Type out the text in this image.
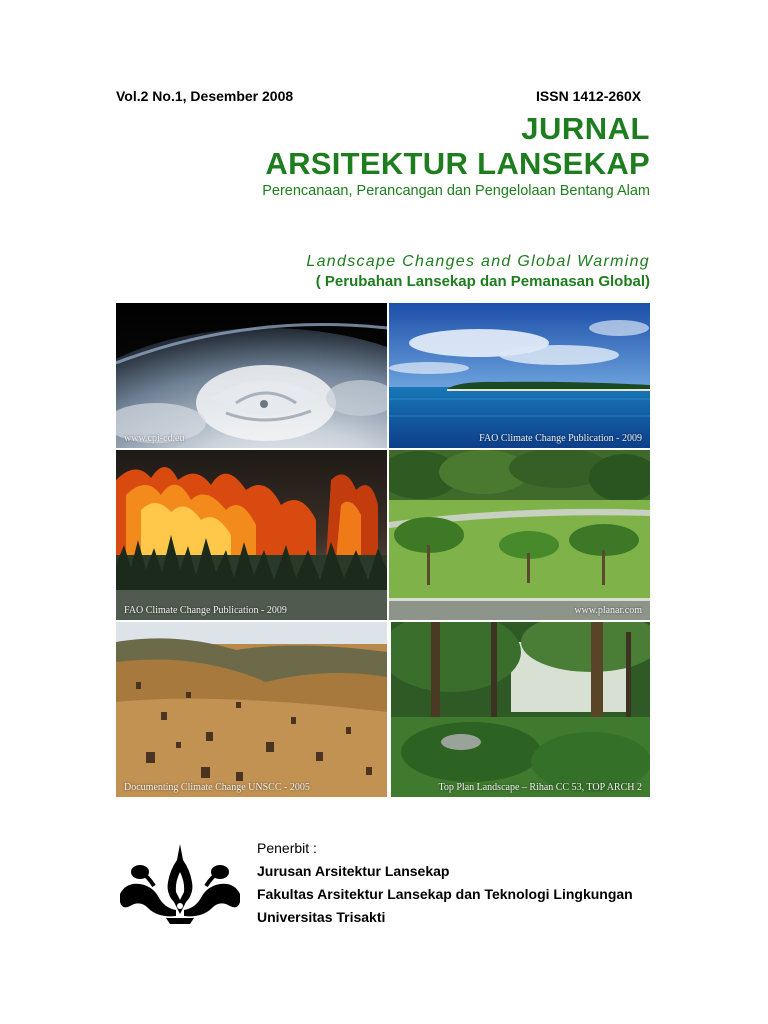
Vol.2 No.1, Desember 2008	ISSN 1412-260X
JURNAL
ARSITEKTUR LANSEKAP
Perencanaan, Perancangan dan Pengelolaan Bentang Alam
Landscape Changes and Global Warming
( Perubahan Lansekap dan Pemanasan Global)
www.cpi-cd.eu	FAO Climate Change Publication - 2009
FAO Climate Change Publication - 2009	www.planar.com
Documenting Climate Change UNSCC - 2005	Top Plan Landscape – Rihan CC 53, TOP ARCH 2
Penerbit :
Jurusan Arsitektur Lansekap
Fakultas Arsitektur Lansekap dan Teknologi Lingkungan
Universitas Trisakti
